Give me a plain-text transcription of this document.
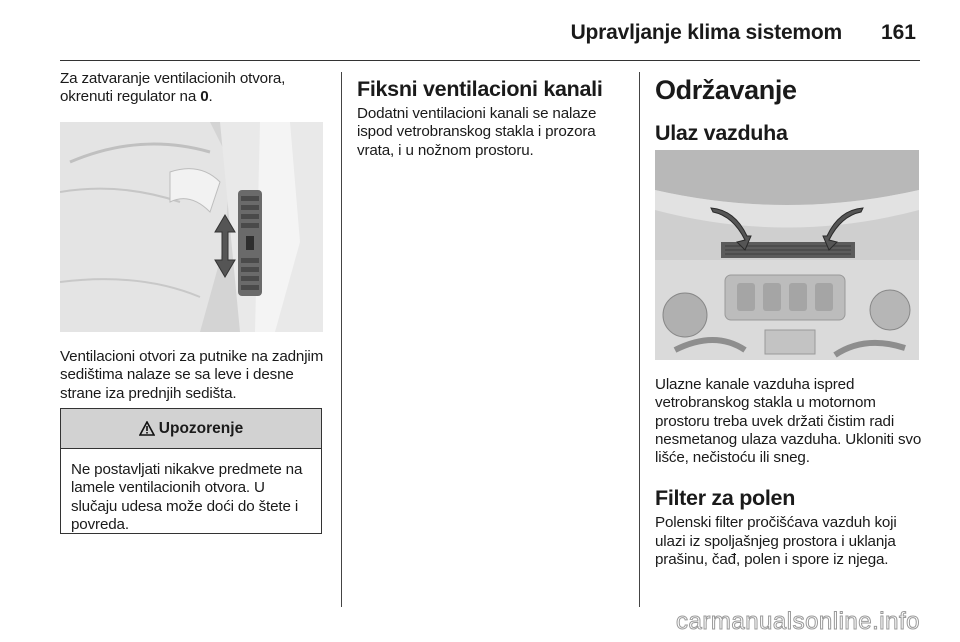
Upravljanje klima sistemom 161

Za zatvaranje ventilacionih otvora, okrenuti regulator na 0.

Ventilacioni otvori za putnike na zadnjim sedištima nalaze se sa leve i desne strane iza prednjih sedišta.

Upozorenje

Ne postavljati nikakve predmete na lamele ventilacionih otvora. U slučaju udesa može doći do štete i povreda.

Fiksni ventilacioni kanali

Dodatni ventilacioni kanali se nalaze ispod vetrobranskog stakla i prozora vrata, i u nožnom prostoru.

Održavanje
Ulaz vazduha

Ulazne kanale vazduha ispred vetrobranskog stakla u motornom prostoru treba uvek držati čistim radi nesmetanog ulaza vazduha. Ukloniti svo lišće, nečistoću ili sneg.

Filter za polen

Polenski filter pročišćava vazduh koji ulazi iz spoljašnjeg prostora i uklanja prašinu, čađ, polen i spore iz njega.

carmanualsonline.info
